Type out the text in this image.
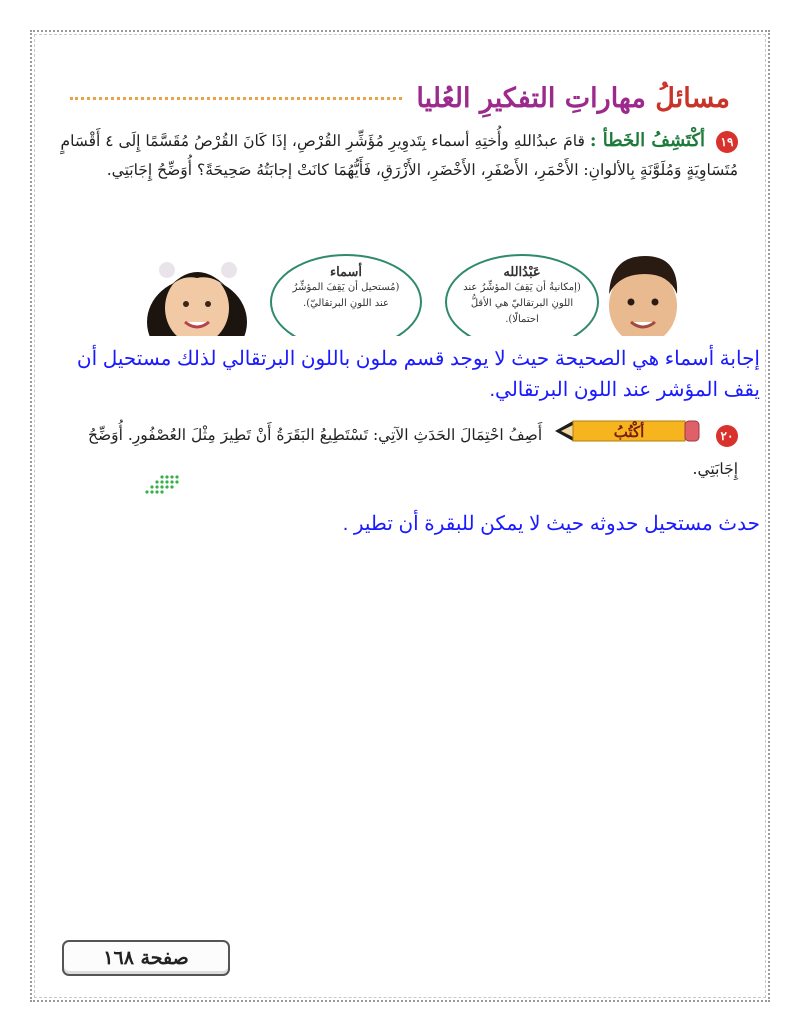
مسائلُ مهاراتِ التفكيرِ العُليا
١٩ أكْتَشِفُ الخَطأ : قامَ عبدُاللهِ وأُختِهِ أسماء بِتَدوِيرِ مُؤَشِّرِ القُرْصِ، إذَا كَانَ القُرْصُ مُقَسَّمًا إِلَى ٤ أَقْسَامٍ مُتَسَاوِيَةٍ وَمُلَوَّنَةٍ بِالألوانِ: الأَحْمَرِ، الأَصْفَرِ، الأَخْضَرِ، الأَزْرَقِ، فَأَيُّهُمَا كانَتْ إجابَتُهُ صَحِيحَةً؟ أُوَضِّحُ إِجَابَتِي.
أسماء
(مُستحيل أن يَقِفَ المؤشِّرُ عند اللونِ البرتقاليّ).
عَبْدُالله
(إمكانيةُ أن يَقِفَ المؤشِّرُ عند اللونِ البرتقاليّ هي الأقلُّ احتمالًا).
إجابة أسماء هي الصحيحة حيث لا يوجد قسم ملون باللون البرتقالي لذلك مستحيل أن يقف المؤشر عند اللون البرتقالي.
٢٠
أكْتُبُ
أَصِفُ احْتِمَالَ الحَدَثِ الآتِي: تَسْتَطِيعُ البَقَرَةُ أَنْ تَطِيرَ مِثْلَ العُصْفُورِ. أُوَضِّحُ إِجَابَتِي.
حدث مستحيل حدوثه حيث لا يمكن للبقرة أن تطير .
صفحة ١٦٨
